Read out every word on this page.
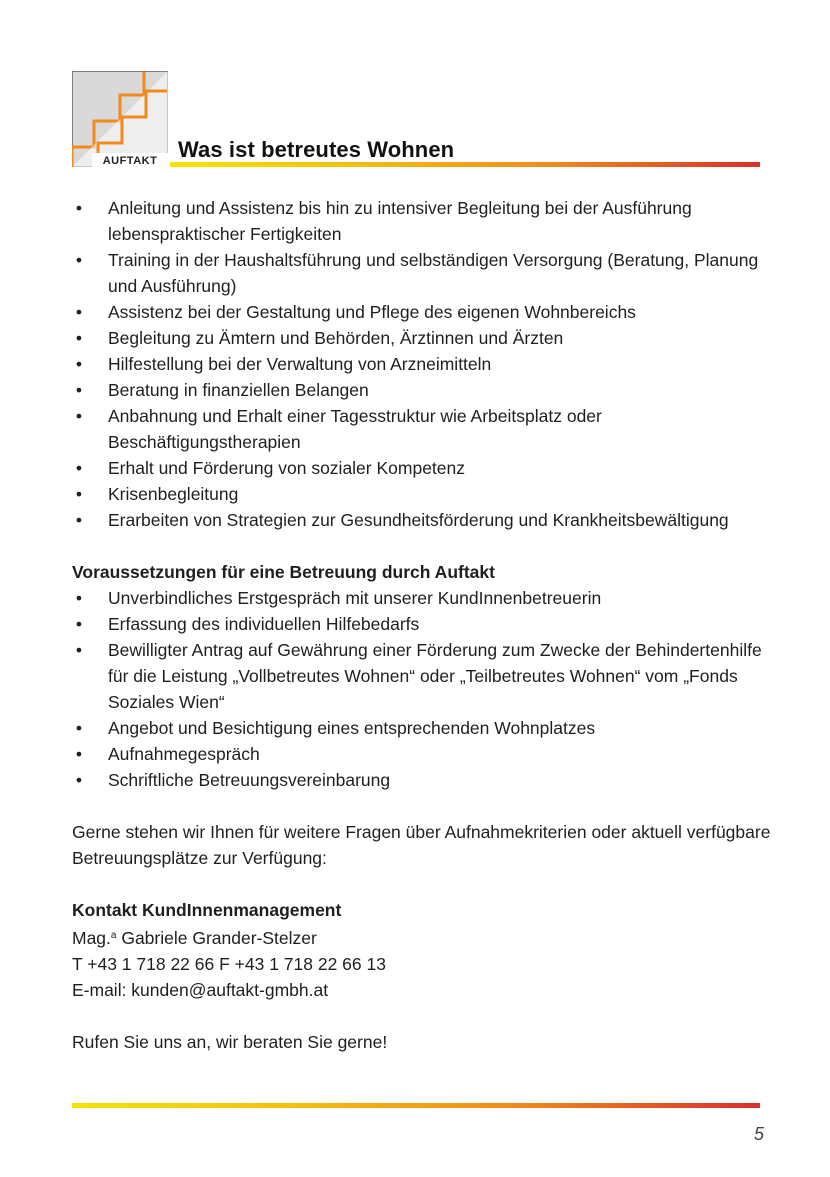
AUFTAKT Was ist betreutes Wohnen
• Anleitung und Assistenz bis hin zu intensiver Begleitung bei der Ausführung lebenspraktischer Fertigkeiten
• Training in der Haushaltsführung und selbständigen Versorgung (Beratung, Planung und Ausführung)
• Assistenz bei der Gestaltung und Pflege des eigenen Wohnbereichs
• Begleitung zu Ämtern und Behörden, Ärztinnen und Ärzten
• Hilfestellung bei der Verwaltung von Arzneimitteln
• Beratung in finanziellen Belangen
• Anbahnung und Erhalt einer Tagesstruktur wie Arbeitsplatz oder Beschäftigungstherapien
• Erhalt und Förderung von sozialer Kompetenz
• Krisenbegleitung
• Erarbeiten von Strategien zur Gesundheitsförderung und Krankheitsbewältigung
Voraussetzungen für eine Betreuung durch Auftakt
• Unverbindliches Erstgespräch mit unserer KundInnenbetreuerin
• Erfassung des individuellen Hilfebedarfs
• Bewilligter Antrag auf Gewährung einer Förderung zum Zwecke der Behindertenhilfe für die Leistung „Vollbetreutes Wohnen“ oder „Teilbetreutes Wohnen“ vom „Fonds Soziales Wien“
• Angebot und Besichtigung eines entsprechenden Wohnplatzes
• Aufnahmegespräch
• Schriftliche Betreuungsvereinbarung
Gerne stehen wir Ihnen für weitere Fragen über Aufnahmekriterien oder aktuell verfügbare Betreuungsplätze zur Verfügung:
Kontakt KundInnenmanagement
Mag.$^a$ Gabriele Grander-Stelzer
T +43 1 718 22 66 F +43 1 718 22 66 13
E-mail: kunden@auftakt-gmbh.at
Rufen Sie uns an, wir beraten Sie gerne!
5
